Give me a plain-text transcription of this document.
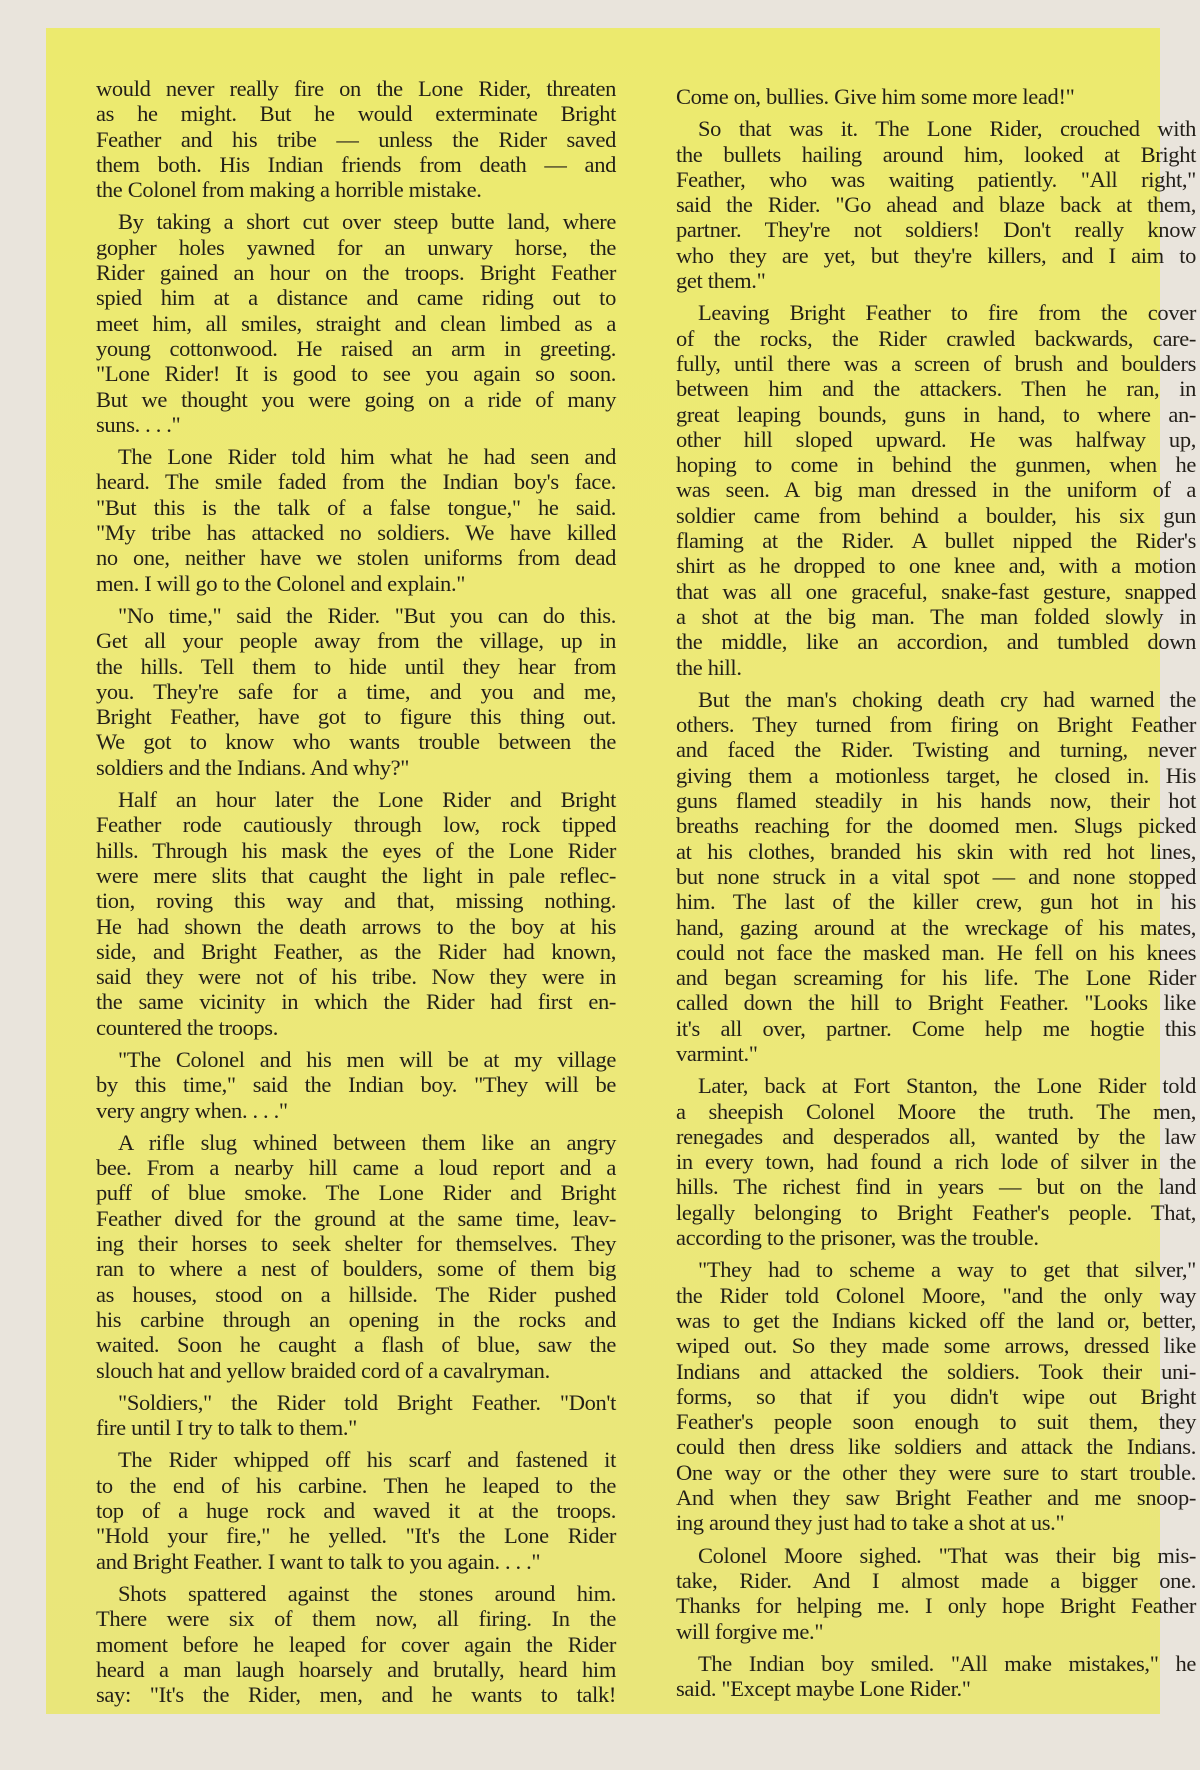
would never really fire on the Lone Rider, threaten
as he might. But he would exterminate Bright
Feather and his tribe — unless the Rider saved
them both. His Indian friends from death — and
the Colonel from making a horrible mistake.
By taking a short cut over steep butte land, where
gopher holes yawned for an unwary horse, the
Rider gained an hour on the troops. Bright Feather
spied him at a distance and came riding out to
meet him, all smiles, straight and clean limbed as a
young cottonwood. He raised an arm in greeting.
"Lone Rider! It is good to see you again so soon.
But we thought you were going on a ride of many
suns. . . ."
The Lone Rider told him what he had seen and
heard. The smile faded from the Indian boy's face.
"But this is the talk of a false tongue," he said.
"My tribe has attacked no soldiers. We have killed
no one, neither have we stolen uniforms from dead
men. I will go to the Colonel and explain."
"No time," said the Rider. "But you can do this.
Get all your people away from the village, up in
the hills. Tell them to hide until they hear from
you. They're safe for a time, and you and me,
Bright Feather, have got to figure this thing out.
We got to know who wants trouble between the
soldiers and the Indians. And why?"
Half an hour later the Lone Rider and Bright
Feather rode cautiously through low, rock tipped
hills. Through his mask the eyes of the Lone Rider
were mere slits that caught the light in pale reflec-
tion, roving this way and that, missing nothing.
He had shown the death arrows to the boy at his
side, and Bright Feather, as the Rider had known,
said they were not of his tribe. Now they were in
the same vicinity in which the Rider had first en-
countered the troops.
"The Colonel and his men will be at my village
by this time," said the Indian boy. "They will be
very angry when. . . ."
A rifle slug whined between them like an angry
bee. From a nearby hill came a loud report and a
puff of blue smoke. The Lone Rider and Bright
Feather dived for the ground at the same time, leav-
ing their horses to seek shelter for themselves. They
ran to where a nest of boulders, some of them big
as houses, stood on a hillside. The Rider pushed
his carbine through an opening in the rocks and
waited. Soon he caught a flash of blue, saw the
slouch hat and yellow braided cord of a cavalryman.
"Soldiers," the Rider told Bright Feather. "Don't
fire until I try to talk to them."
The Rider whipped off his scarf and fastened it
to the end of his carbine. Then he leaped to the
top of a huge rock and waved it at the troops.
"Hold your fire," he yelled. "It's the Lone Rider
and Bright Feather. I want to talk to you again. . . ."
Shots spattered against the stones around him.
There were six of them now, all firing. In the
moment before he leaped for cover again the Rider
heard a man laugh hoarsely and brutally, heard him
say: "It's the Rider, men, and he wants to talk!
Come on, bullies. Give him some more lead!"
So that was it. The Lone Rider, crouched with
the bullets hailing around him, looked at Bright
Feather, who was waiting patiently. "All right,"
said the Rider. "Go ahead and blaze back at them,
partner. They're not soldiers! Don't really know
who they are yet, but they're killers, and I aim to
get them."
Leaving Bright Feather to fire from the cover
of the rocks, the Rider crawled backwards, care-
fully, until there was a screen of brush and boulders
between him and the attackers. Then he ran, in
great leaping bounds, guns in hand, to where an-
other hill sloped upward. He was halfway up,
hoping to come in behind the gunmen, when he
was seen. A big man dressed in the uniform of a
soldier came from behind a boulder, his six gun
flaming at the Rider. A bullet nipped the Rider's
shirt as he dropped to one knee and, with a motion
that was all one graceful, snake-fast gesture, snapped
a shot at the big man. The man folded slowly in
the middle, like an accordion, and tumbled down
the hill.
But the man's choking death cry had warned the
others. They turned from firing on Bright Feather
and faced the Rider. Twisting and turning, never
giving them a motionless target, he closed in. His
guns flamed steadily in his hands now, their hot
breaths reaching for the doomed men. Slugs picked
at his clothes, branded his skin with red hot lines,
but none struck in a vital spot — and none stopped
him. The last of the killer crew, gun hot in his
hand, gazing around at the wreckage of his mates,
could not face the masked man. He fell on his knees
and began screaming for his life. The Lone Rider
called down the hill to Bright Feather. "Looks like
it's all over, partner. Come help me hogtie this
varmint."
Later, back at Fort Stanton, the Lone Rider told
a sheepish Colonel Moore the truth. The men,
renegades and desperados all, wanted by the law
in every town, had found a rich lode of silver in the
hills. The richest find in years — but on the land
legally belonging to Bright Feather's people. That,
according to the prisoner, was the trouble.
"They had to scheme a way to get that silver,"
the Rider told Colonel Moore, "and the only way
was to get the Indians kicked off the land or, better,
wiped out. So they made some arrows, dressed like
Indians and attacked the soldiers. Took their uni-
forms, so that if you didn't wipe out Bright
Feather's people soon enough to suit them, they
could then dress like soldiers and attack the Indians.
One way or the other they were sure to start trouble.
And when they saw Bright Feather and me snoop-
ing around they just had to take a shot at us."
Colonel Moore sighed. "That was their big mis-
take, Rider. And I almost made a bigger one.
Thanks for helping me. I only hope Bright Feather
will forgive me."
The Indian boy smiled. "All make mistakes," he
said. "Except maybe Lone Rider."
